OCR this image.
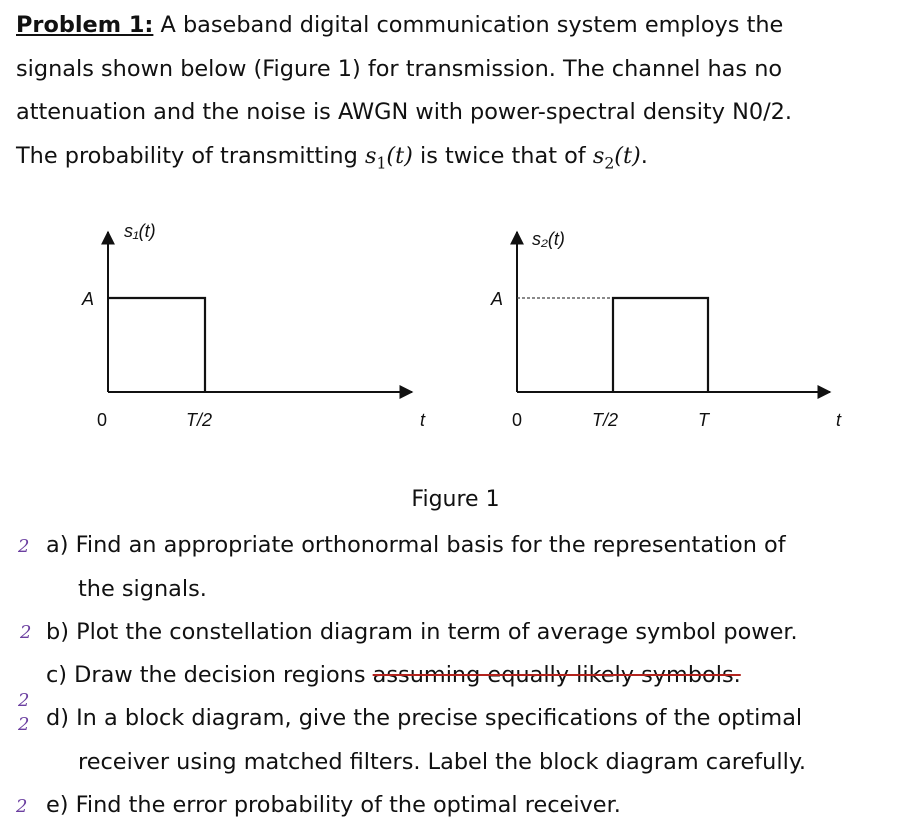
Problem 1: A baseband digital communication system employs the
signals shown below (Figure 1) for transmission. The channel has no
attenuation and the noise is AWGN with power-spectral density N0/2.
The probability of transmitting $s_1(t)$ is twice that of $s_2(t)$.

s₁(t)
A
0	T/2	t
s₂(t)
A
0	T/2	T	t

Figure 1

2 a) Find an appropriate orthonormal basis for the representation of
the signals.

2 b) Plot the constellation diagram in term of average symbol power.

c) Draw the decision regions assuming equally likely symbols.

2
2 d) In a block diagram, give the precise specifications of the optimal
receiver using matched filters. Label the block diagram carefully.

2 e) Find the error probability of the optimal receiver.
